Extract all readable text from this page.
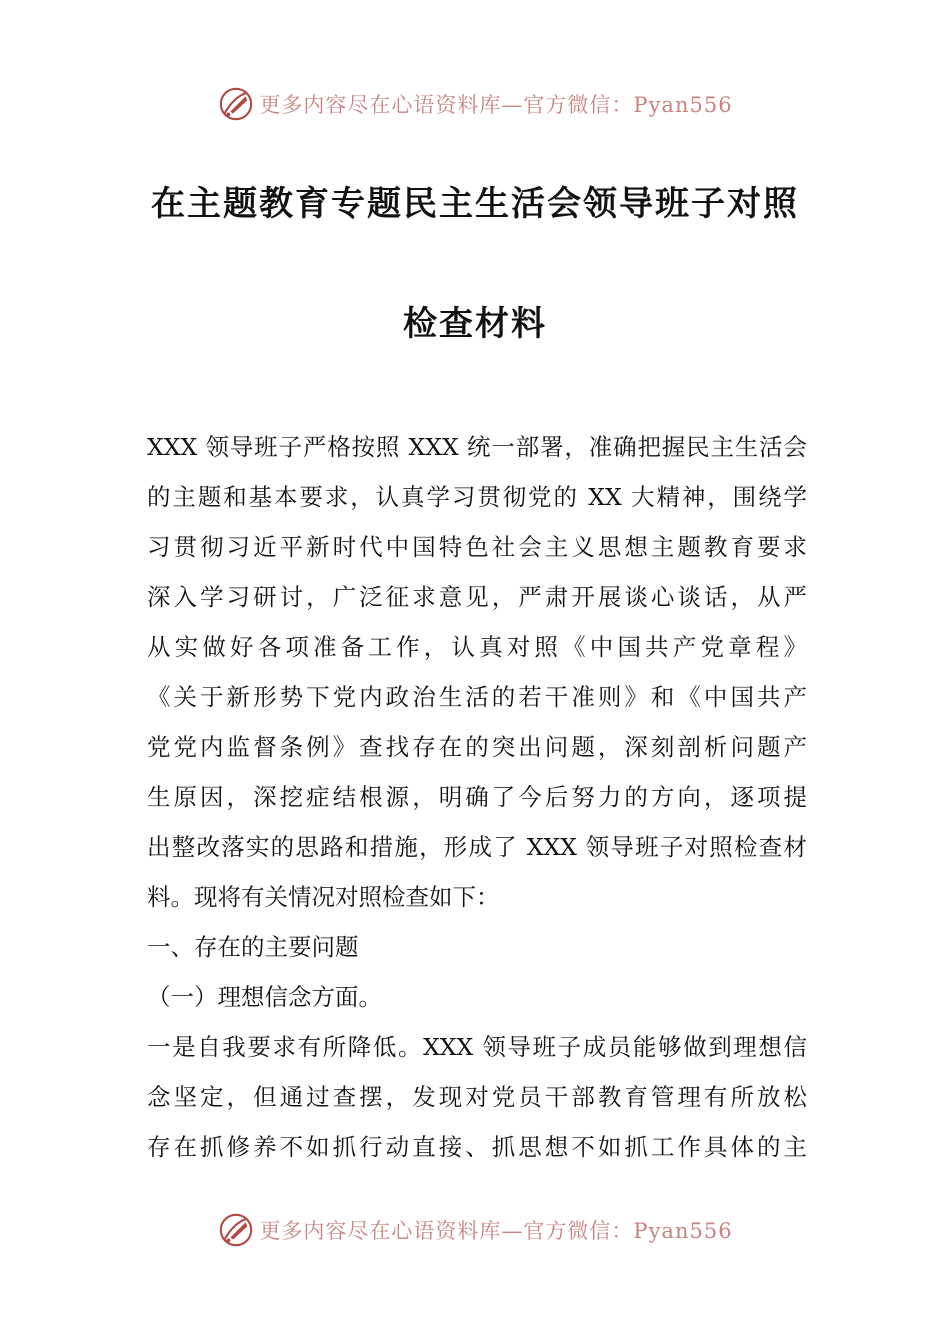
更多内容尽在心语资料库—官方微信：Pyan556
在主题教育专题民主生活会领导班子对照
检查材料
XXX 领导班子严格按照 XXX 统一部署，准确把握民主生活会
的主题和基本要求，认真学习贯彻党的 XX 大精神，围绕学
习贯彻习近平新时代中国特色社会主义思想主题教育要求
深入学习研讨，广泛征求意见，严肃开展谈心谈话，从严
从实做好各项准备工作，认真对照《中国共产党章程》
《关于新形势下党内政治生活的若干准则》和《中国共产
党党内监督条例》查找存在的突出问题，深刻剖析问题产
生原因，深挖症结根源，明确了今后努力的方向，逐项提
出整改落实的思路和措施，形成了 XXX 领导班子对照检查材
料。现将有关情况对照检查如下：
一、存在的主要问题
（一）理想信念方面。
一是自我要求有所降低。XXX 领导班子成员能够做到理想信
念坚定，但通过查摆，发现对党员干部教育管理有所放松
存在抓修养不如抓行动直接、抓思想不如抓工作具体的主
更多内容尽在心语资料库—官方微信：Pyan556
